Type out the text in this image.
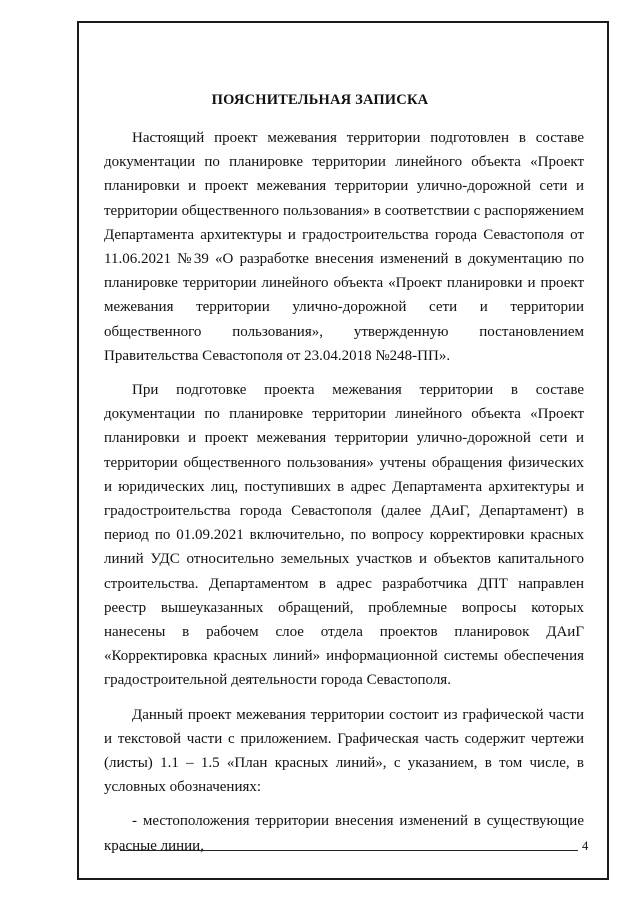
ПОЯСНИТЕЛЬНАЯ ЗАПИСКА

Настоящий проект межевания территории подготовлен в составе документации по планировке территории линейного объекта «Проект планировки и проект межевания территории улично-дорожной сети и территории общественного пользования» в соответствии с распоряжением Департамента архитектуры и градостроительства города Севастополя от 11.06.2021 №39 «О разработке внесения изменений в документацию по планировке территории линейного объекта «Проект планировки и проект межевания территории улично-дорожной сети и территории общественного пользования», утвержденную постановлением Правительства Севастополя от 23.04.2018 №248-ПП».

При подготовке проекта межевания территории в составе документации по планировке территории линейного объекта «Проект планировки и проект межевания территории улично-дорожной сети и территории общественного пользования» учтены обращения физических и юридических лиц, поступивших в адрес Департамента архитектуры и градостроительства города Севастополя (далее ДАиГ, Департамент) в период по 01.09.2021 включительно, по вопросу корректировки красных линий УДС относительно земельных участков и объектов капитального строительства. Департаментом в адрес разработчика ДПТ направлен реестр вышеуказанных обращений, проблемные вопросы которых нанесены в рабочем слое отдела проектов планировок ДАиГ «Корректировка красных линий» информационной системы обеспечения градостроительной деятельности города Севастополя.

Данный проект межевания территории состоит из графической части и текстовой части с приложением. Графическая часть содержит чертежи (листы) 1.1 – 1.5 «План красных линий», с указанием, в том числе, в условных обозначениях:

- местоположения территории внесения изменений в существующие красные линии,	4
